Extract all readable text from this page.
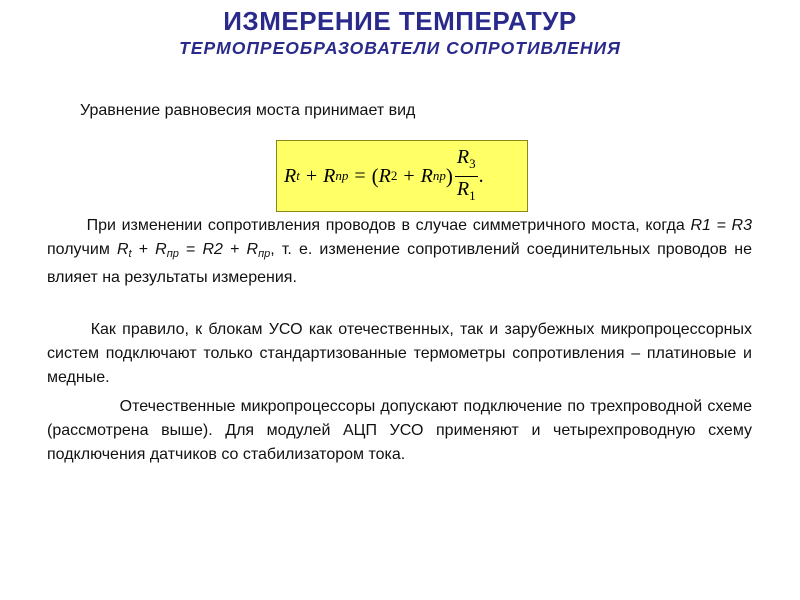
ИЗМЕРЕНИЕ ТЕМПЕРАТУР
ТЕРМОПРЕОБРАЗОВАТЕЛИ СОПРОТИВЛЕНИЯ
Уравнение равновесия моста принимает вид
R t + R пр = ( R 2 + R пр ) $\frac{R_3}{R_1}$ .
При изменении сопротивления проводов в случае симметричного моста, когда R1 = R3 получим $R_t + R_{пр} = R2 + R_{пр}$, т. е. изменение сопротивлений соединительных проводов не влияет на результаты измерения.
Как правило, к блокам УСО как отечественных, так и зарубежных микропроцессорных систем подключают только стандартизованные термометры сопротивления – платиновые и медные.
Отечественные микропроцессоры допускают подключение по трехпроводной схеме (рассмотрена выше). Для модулей АЦП УСО применяют и четырехпроводную схему подключения датчиков со стабилизатором тока.
